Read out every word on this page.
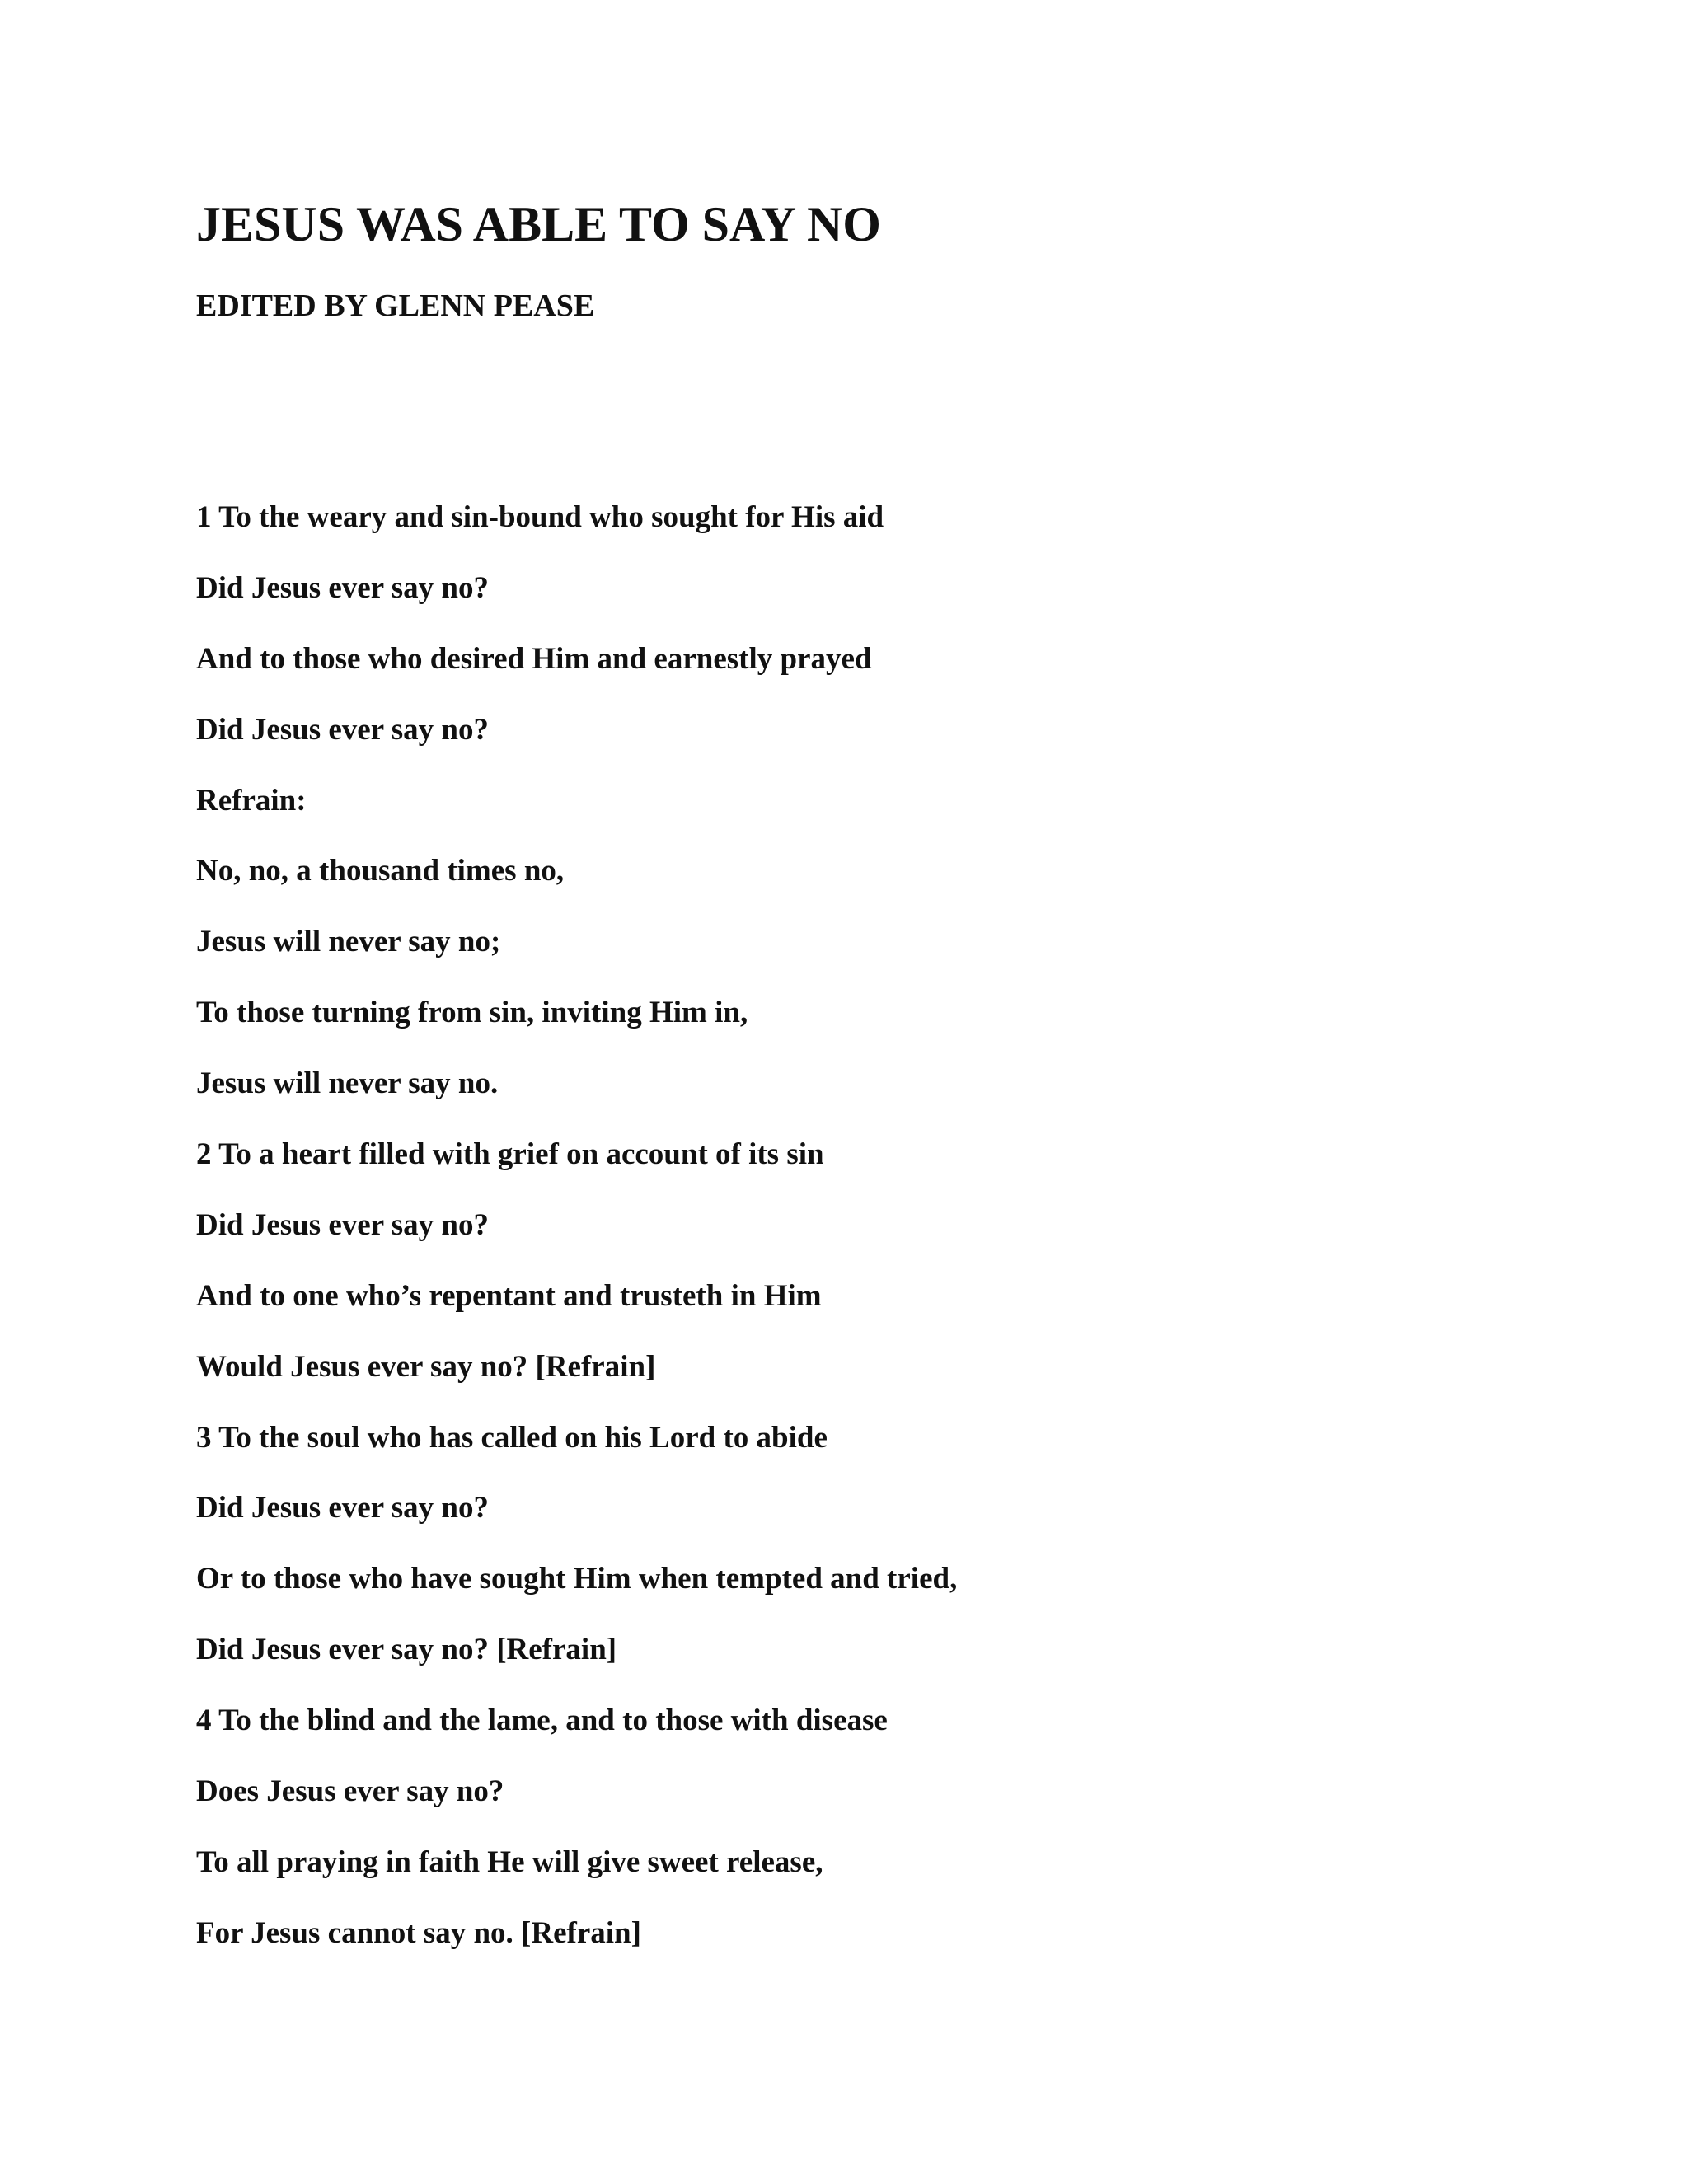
JESUS WAS ABLE TO SAY NO
EDITED BY GLENN PEASE
1 To the weary and sin-bound who sought for His aid
Did Jesus ever say no?
And to those who desired Him and earnestly prayed
Did Jesus ever say no?
Refrain:
No, no, a thousand times no,
Jesus will never say no;
To those turning from sin, inviting Him in,
Jesus will never say no.
2 To a heart filled with grief on account of its sin
Did Jesus ever say no?
And to one who’s repentant and trusteth in Him
Would Jesus ever say no? [Refrain]
3 To the soul who has called on his Lord to abide
Did Jesus ever say no?
Or to those who have sought Him when tempted and tried,
Did Jesus ever say no? [Refrain]
4 To the blind and the lame, and to those with disease
Does Jesus ever say no?
To all praying in faith He will give sweet release,
For Jesus cannot say no. [Refrain]
